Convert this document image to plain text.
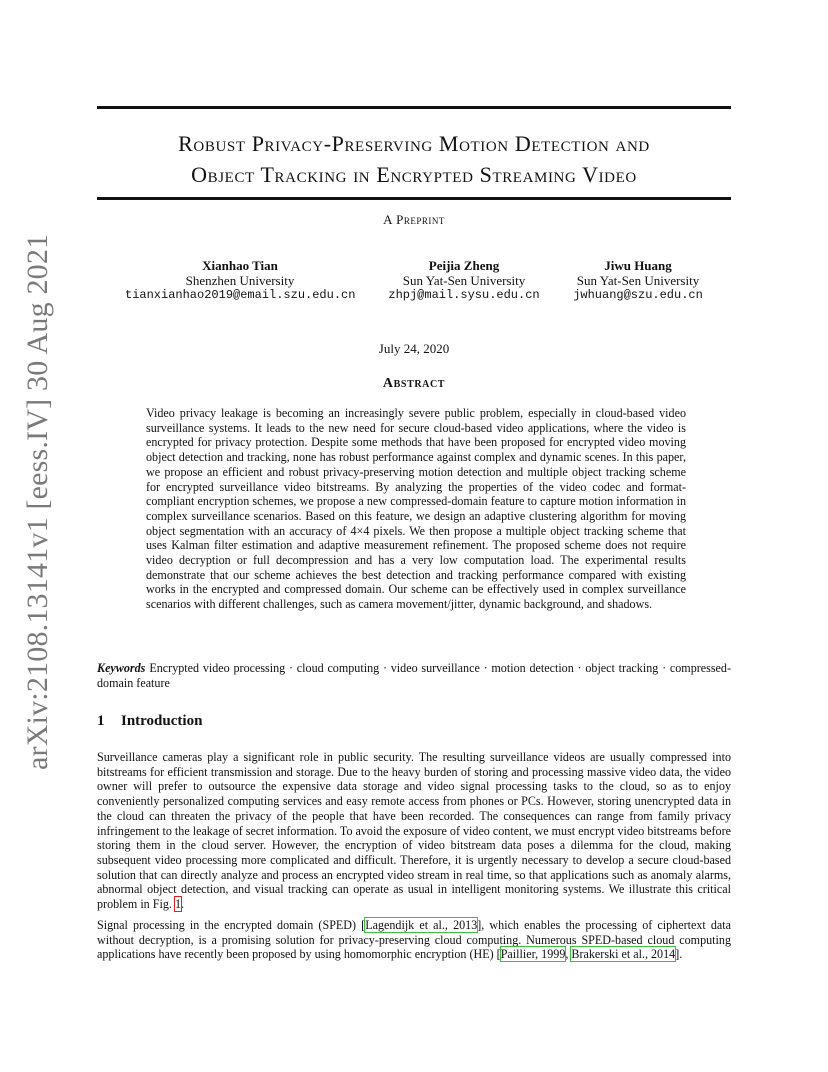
arXiv:2108.13141v1 [eess.IV] 30 Aug 2021
Robust Privacy-Preserving Motion Detection and
Object Tracking in Encrypted Streaming Video
A Preprint
Xianhao Tian
Shenzhen University
tianxianhao2019@email.szu.edu.cn
Peijia Zheng
Sun Yat-Sen University
zhpj@mail.sysu.edu.cn
Jiwu Huang
Sun Yat-Sen University
jwhuang@szu.edu.cn
July 24, 2020
Abstract
Video privacy leakage is becoming an increasingly severe public problem, especially in cloud-based video surveillance systems. It leads to the new need for secure cloud-based video applications, where the video is encrypted for privacy protection. Despite some methods that have been proposed for encrypted video moving object detection and tracking, none has robust performance against complex and dynamic scenes. In this paper, we propose an efficient and robust privacy-preserving motion detection and multiple object tracking scheme for encrypted surveillance video bitstreams. By analyzing the properties of the video codec and format-compliant encryption schemes, we propose a new compressed-domain feature to capture motion information in complex surveillance scenarios. Based on this feature, we design an adaptive clustering algorithm for moving object segmentation with an accuracy of 4×4 pixels. We then propose a multiple object tracking scheme that uses Kalman filter estimation and adaptive measurement refinement. The proposed scheme does not require video decryption or full decompression and has a very low computation load. The experimental results demonstrate that our scheme achieves the best detection and tracking performance compared with existing works in the encrypted and compressed domain. Our scheme can be effectively used in complex surveillance scenarios with different challenges, such as camera movement/jitter, dynamic background, and shadows.
Keywords Encrypted video processing · cloud computing · video surveillance · motion detection · object tracking · compressed-domain feature
1 Introduction
Surveillance cameras play a significant role in public security. The resulting surveillance videos are usually compressed into bitstreams for efficient transmission and storage. Due to the heavy burden of storing and processing massive video data, the video owner will prefer to outsource the expensive data storage and video signal processing tasks to the cloud, so as to enjoy conveniently personalized computing services and easy remote access from phones or PCs. However, storing unencrypted data in the cloud can threaten the privacy of the people that have been recorded. The consequences can range from family privacy infringement to the leakage of secret information. To avoid the exposure of video content, we must encrypt video bitstreams before storing them in the cloud server. However, the encryption of video bitstream data poses a dilemma for the cloud, making subsequent video processing more complicated and difficult. Therefore, it is urgently necessary to develop a secure cloud-based solution that can directly analyze and process an encrypted video stream in real time, so that applications such as anomaly alarms, abnormal object detection, and visual tracking can operate as usual in intelligent monitoring systems. We illustrate this critical problem in Fig. 1.
Signal processing in the encrypted domain (SPED) [Lagendijk et al., 2013], which enables the processing of ciphertext data without decryption, is a promising solution for privacy-preserving cloud computing. Numerous SPED-based cloud computing applications have recently been proposed by using homomorphic encryption (HE) [Paillier, 1999, Brakerski et al., 2014].
